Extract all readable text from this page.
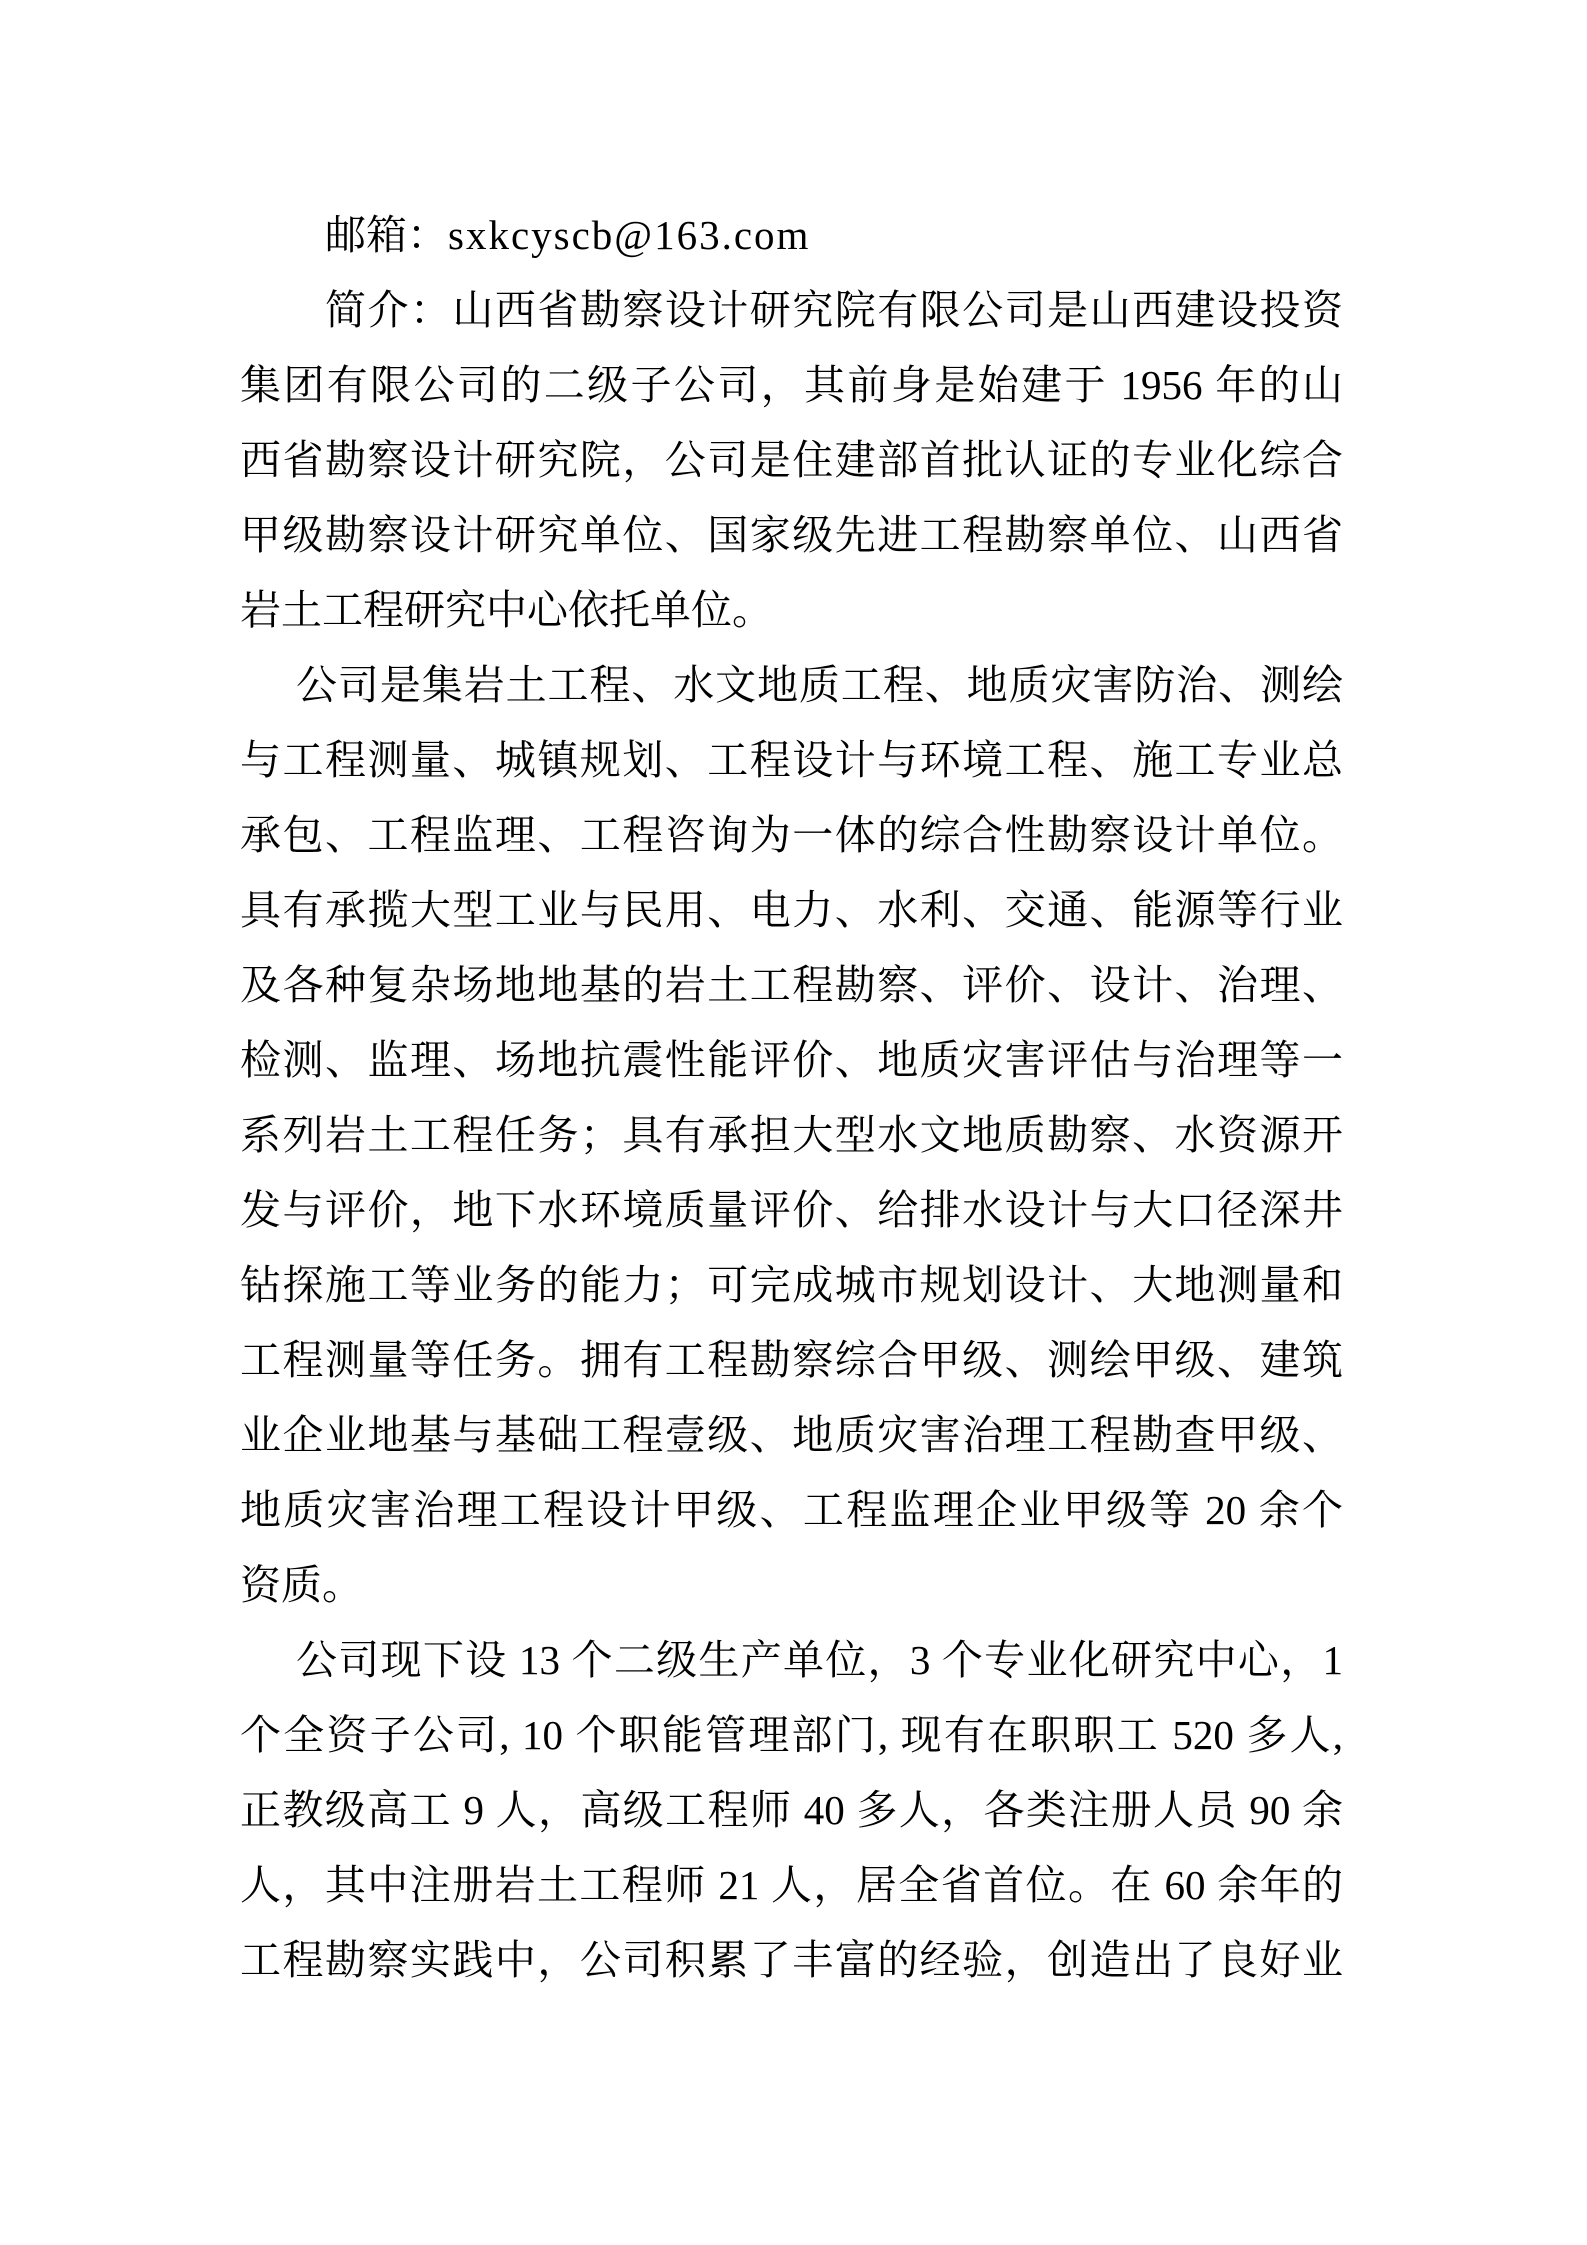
邮箱：sxkcyscb@163.com
简介：山西省勘察设计研究院有限公司是山西建设投资
集团有限公司的二级子公司，其前身是始建于 1956 年的山
西省勘察设计研究院，公司是住建部首批认证的专业化综合
甲级勘察设计研究单位、国家级先进工程勘察单位、山西省
岩土工程研究中心依托单位。
公司是集岩土工程、水文地质工程、地质灾害防治、测绘
与工程测量、城镇规划、工程设计与环境工程、施工专业总
承包、工程监理、工程咨询为一体的综合性勘察设计单位。
具有承揽大型工业与民用、电力、水利、交通、能源等行业
及各种复杂场地地基的岩土工程勘察、评价、设计、治理、
检测、监理、场地抗震性能评价、地质灾害评估与治理等一
系列岩土工程任务；具有承担大型水文地质勘察、水资源开
发与评价，地下水环境质量评价、给排水设计与大口径深井
钻探施工等业务的能力；可完成城市规划设计、大地测量和
工程测量等任务。拥有工程勘察综合甲级、测绘甲级、建筑
业企业地基与基础工程壹级、地质灾害治理工程勘查甲级、
地质灾害治理工程设计甲级、工程监理企业甲级等 20 余个
资质。
公司现下设 13 个二级生产单位，3 个专业化研究中心，1
个全资子公司, 10 个职能管理部门, 现有在职职工 520 多人,
正教级高工 9 人，高级工程师 40 多人，各类注册人员 90 余
人，其中注册岩土工程师 21 人，居全省首位。在 60 余年的
工程勘察实践中，公司积累了丰富的经验，创造出了良好业
